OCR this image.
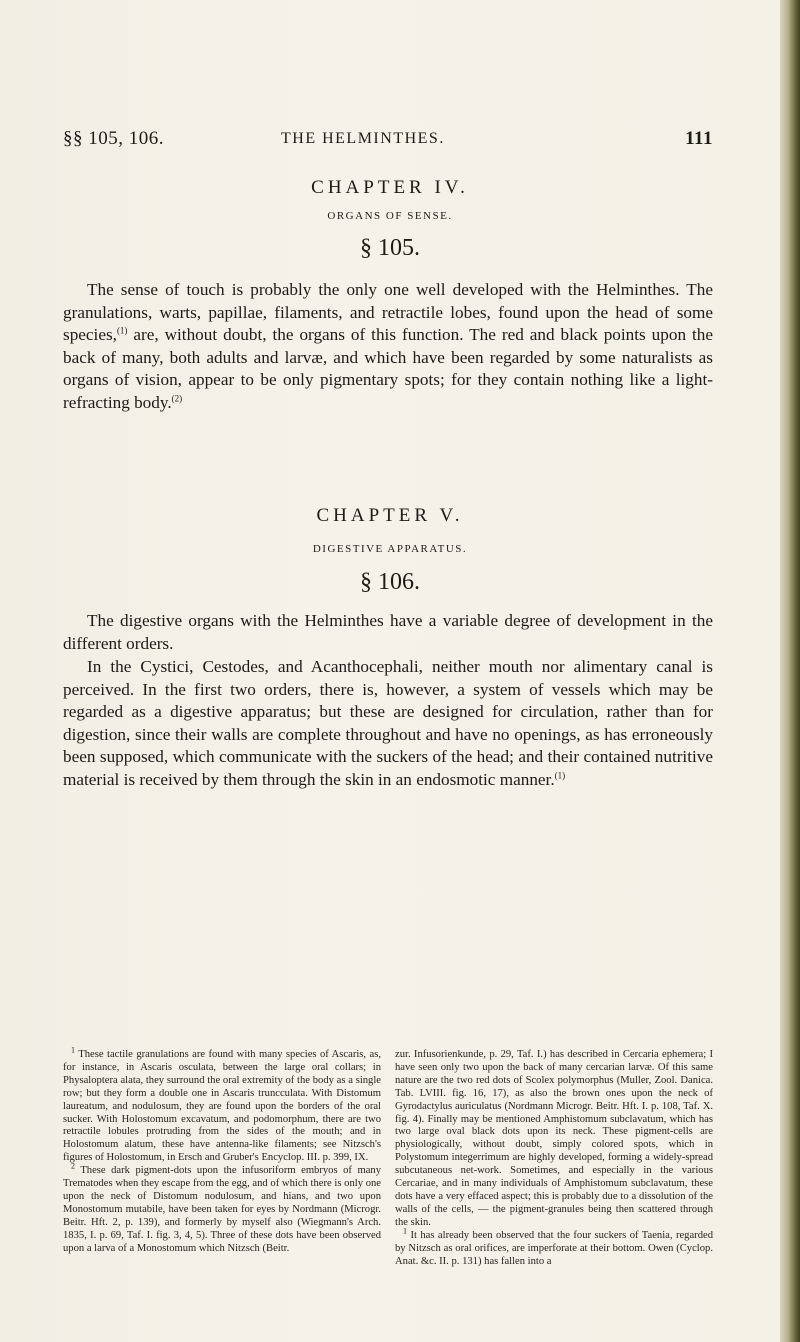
§§ 105, 106.	THE HELMINTHES.	111
CHAPTER IV.
ORGANS OF SENSE.
§ 105.

The sense of touch is probably the only one well developed with the Helminthes. The granulations, warts, papillae, filaments, and retractile lobes, found upon the head of some species,$^{(1)}$ are, without doubt, the organs of this function. The red and black points upon the back of many, both adults and larvæ, and which have been regarded by some naturalists as organs of vision, appear to be only pigmentary spots; for they contain nothing like a light-refracting body.$^{(2)}$

CHAPTER V.
DIGESTIVE APPARATUS.
§ 106.

The digestive organs with the Helminthes have a variable degree of development in the different orders.

In the Cystici, Cestodes, and Acanthocephali, neither mouth nor alimentary canal is perceived. In the first two orders, there is, however, a system of vessels which may be regarded as a digestive apparatus; but these are designed for circulation, rather than for digestion, since their walls are complete throughout and have no openings, as has erroneously been supposed, which communicate with the suckers of the head; and their contained nutritive material is received by them through the skin in an endosmotic manner.$^{(1)}$

$^1$ These tactile granulations are found with many species of Ascaris, as, for instance, in Ascaris osculata, between the large oral collars; in Physaloptera alata, they surround the oral extremity of the body as a single row; but they form a double one in Ascaris truncculata. With Distomum laureatum, and nodulosum, they are found upon the borders of the oral sucker. With Holostomum excavatum, and podomorphum, there are two retractile lobules protruding from the sides of the mouth; and in Holostomum alatum, these have antenna-like filaments; see Nitzsch's figures of Holostomum, in Ersch and Gruber's Encyclop. III. p. 399, IX.

$^2$ These dark pigment-dots upon the infusoriform embryos of many Trematodes when they escape from the egg, and of which there is only one upon the neck of Distomum nodulosum, and hians, and two upon Monostomum mutabile, have been taken for eyes by Nordmann (Microgr. Beitr. Hft. 2, p. 139), and formerly by myself also (Wiegmann's Arch. 1835, I. p. 69, Taf. I. fig. 3, 4, 5). Three of these dots have been observed upon a larva of a Monostomum which Nitzsch (Beitr.

zur. Infusorienkunde, p. 29, Taf. I.) has described in Cercaria ephemera; I have seen only two upon the back of many cercarian larvæ. Of this same nature are the two red dots of Scolex polymorphus (Muller, Zool. Danica. Tab. LVIII. fig. 16, 17), as also the brown ones upon the neck of Gyrodactylus auriculatus (Nordmann Microgr. Beitr. Hft. I. p. 108, Taf. X. fig. 4). Finally may be mentioned Amphistomum subclavatum, which has two large oval black dots upon its neck. These pigment-cells are physiologically, without doubt, simply colored spots, which in Polystomum integerrimum are highly developed, forming a widely-spread subcutaneous net-work. Sometimes, and especially in the various Cercariae, and in many individuals of Amphistomum subclavatum, these dots have a very effaced aspect; this is probably due to a dissolution of the walls of the cells, — the pigment-granules being then scattered through the skin.

$^1$ It has already been observed that the four suckers of Taenia, regarded by Nitzsch as oral orifices, are imperforate at their bottom. Owen (Cyclop. Anat. &c. II. p. 131) has fallen into a
